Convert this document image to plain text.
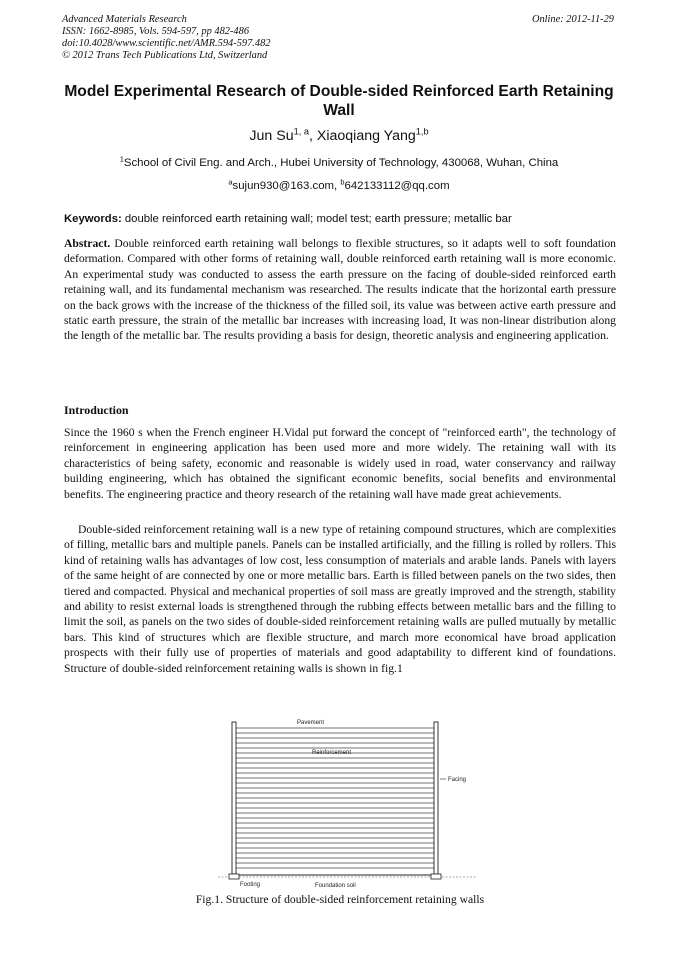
Advanced Materials Research
ISSN: 1662-8985, Vols. 594-597, pp 482-486
doi:10.4028/www.scientific.net/AMR.594-597.482
© 2012 Trans Tech Publications Ltd, Switzerland
Online: 2012-11-29
Model Experimental Research of Double-sided Reinforced Earth Retaining Wall
Jun Su$^{1, a}$, Xiaoqiang Yang$^{1,b}$
$^1$School of Civil Eng. and Arch., Hubei University of Technology, 430068, Wuhan, China
$^a$sujun930@163.com, $^b$642133112@qq.com
Keywords: double reinforced earth retaining wall; model test; earth pressure; metallic bar
Abstract. Double reinforced earth retaining wall belongs to flexible structures, so it adapts well to soft foundation deformation. Compared with other forms of retaining wall, double reinforced earth retaining wall is more economic. An experimental study was conducted to assess the earth pressure on the facing of double-sided reinforced earth retaining wall, and its fundamental mechanism was researched. The results indicate that the horizontal earth pressure on the back grows with the increase of the thickness of the filled soil, its value was between active earth pressure and static earth pressure, the strain of the metallic bar increases with increasing load, It was non-linear distribution along the length of the metallic bar. The results providing a basis for design, theoretic analysis and engineering application.
Introduction
Since the 1960 s when the French engineer H.Vidal put forward the concept of "reinforced earth", the technology of reinforcement in engineering application has been used more and more widely. The retaining wall with its characteristics of being safety, economic and reasonable is widely used in road, water conservancy and railway building engineering, which has obtained the significant economic benefits, social benefits and environmental benefits. The engineering practice and theory research of the retaining wall have made great achievements.
Double-sided reinforcement retaining wall is a new type of retaining compound structures, which are complexities of filling, metallic bars and multiple panels. Panels can be installed artificially, and the filling is rolled by rollers. This kind of retaining walls has advantages of low cost, less consumption of materials and arable lands. Panels with layers of the same height of are connected by one or more metallic bars. Earth is filled between panels on the two sides, then tiered and compacted. Physical and mechanical properties of soil mass are greatly improved and the strength, stability and ability to resist external loads is strengthened through the rubbing effects between metallic bars and the filling to limit the soil, as panels on the two sides of double-sided reinforcement retaining walls are pulled mutually by metallic bars. This kind of structures which are flexible structure, and march more economical have broad application prospects with their fully use of properties of materials and good adaptability to different kind of foundations. Structure of double-sided reinforcement retaining walls is shown in fig.1
Pavement
Reinforcement
Facing
Footing	Foundation soil
Fig.1. Structure of double-sided reinforcement retaining walls
